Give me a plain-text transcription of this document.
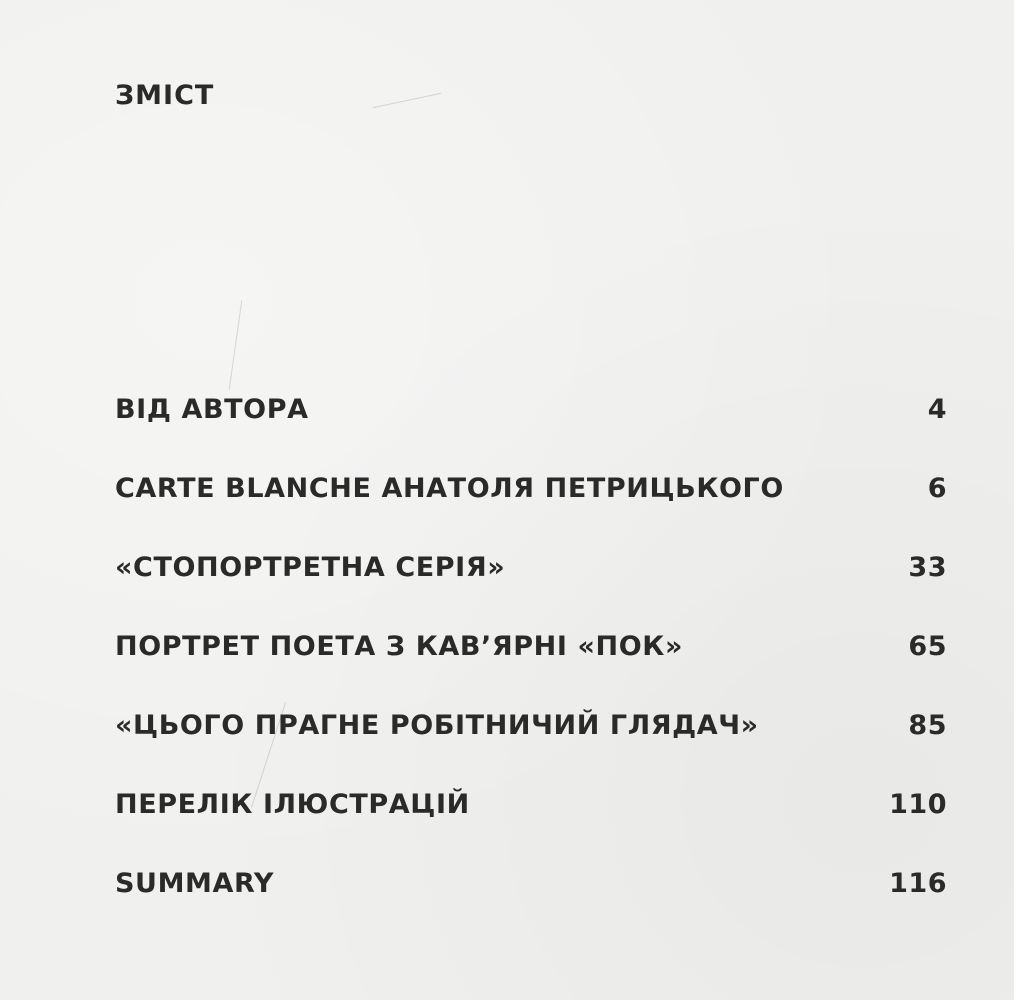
ЗМІСТ
ВІД АВТОРА	4
CARTE BLANCHE АНАТОЛЯ ПЕТРИЦЬКОГО	6
«СТОПОРТРЕТНА СЕРІЯ»	33
ПОРТРЕТ ПОЕТА З КАВ’ЯРНІ «ПОК»	65
«ЦЬОГО ПРАГНЕ РОБІТНИЧИЙ ГЛЯДАЧ»	85
ПЕРЕЛІК ІЛЮСТРАЦІЙ	110
SUMMARY	116
